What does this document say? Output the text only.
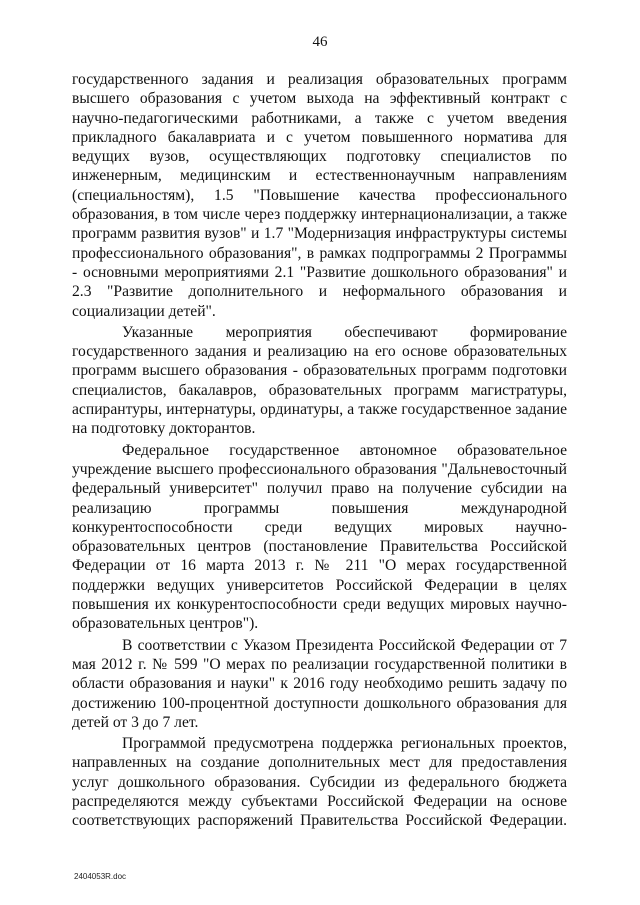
46

государственного задания и реализация образовательных программ высшего образования с учетом выхода на эффективный контракт с научно-педагогическими работниками, а также с учетом введения прикладного бакалавриата и с учетом повышенного норматива для ведущих вузов, осуществляющих подготовку специалистов по инженерным, медицинским и естественнонаучным направлениям (специальностям), 1.5 "Повышение качества профессионального образования, в том числе через поддержку интернационализации, а также программ развития вузов" и 1.7 "Модернизация инфраструктуры системы профессионального образования", в рамках подпрограммы 2 Программы - основными мероприятиями 2.1 "Развитие дошкольного образования" и 2.3 "Развитие дополнительного и неформального образования и социализации детей".

Указанные мероприятия обеспечивают формирование государственного задания и реализацию на его основе образовательных программ высшего образования - образовательных программ подготовки специалистов, бакалавров, образовательных программ магистратуры, аспирантуры, интернатуры, ординатуры, а также государственное задание на подготовку докторантов.

Федеральное государственное автономное образовательное учреждение высшего профессионального образования "Дальневосточный федеральный университет" получил право на получение субсидии на реализацию программы повышения международной конкурентоспособности среди ведущих мировых научно-образовательных центров (постановление Правительства Российской Федерации от 16 марта 2013 г. № 211 "О мерах государственной поддержки ведущих университетов Российской Федерации в целях повышения их конкурентоспособности среди ведущих мировых научно-образовательных центров").

В соответствии с Указом Президента Российской Федерации от 7 мая 2012 г. № 599 "О мерах по реализации государственной политики в области образования и науки" к 2016 году необходимо решить задачу по достижению 100-процентной доступности дошкольного образования для детей от 3 до 7 лет.

Программой предусмотрена поддержка региональных проектов, направленных на создание дополнительных мест для предоставления услуг дошкольного образования. Субсидии из федерального бюджета распределяются между субъектами Российской Федерации на основе соответствующих распоряжений Правительства Российской Федерации.

2404053R.doc
